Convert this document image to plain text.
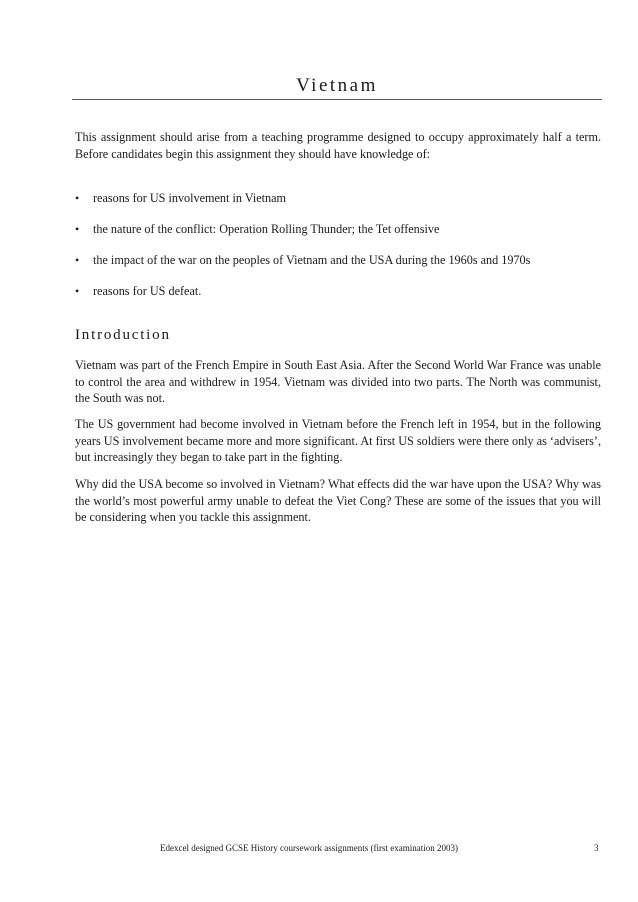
Vietnam

This assignment should arise from a teaching programme designed to occupy approximately half a term. Before candidates begin this assignment they should have knowledge of:

• reasons for US involvement in Vietnam
• the nature of the conflict: Operation Rolling Thunder; the Tet offensive
• the impact of the war on the peoples of Vietnam and the USA during the 1960s and 1970s
• reasons for US defeat.
Introduction

Vietnam was part of the French Empire in South East Asia. After the Second World War France was unable to control the area and withdrew in 1954. Vietnam was divided into two parts. The North was communist, the South was not.

The US government had become involved in Vietnam before the French left in 1954, but in the following years US involvement became more and more significant. At first US soldiers were there only as ‘advisers’, but increasingly they began to take part in the fighting.

Why did the USA become so involved in Vietnam? What effects did the war have upon the USA? Why was the world’s most powerful army unable to defeat the Viet Cong? These are some of the issues that you will be considering when you tackle this assignment.

Edexcel designed GCSE History coursework assignments (first examination 2003)	3
